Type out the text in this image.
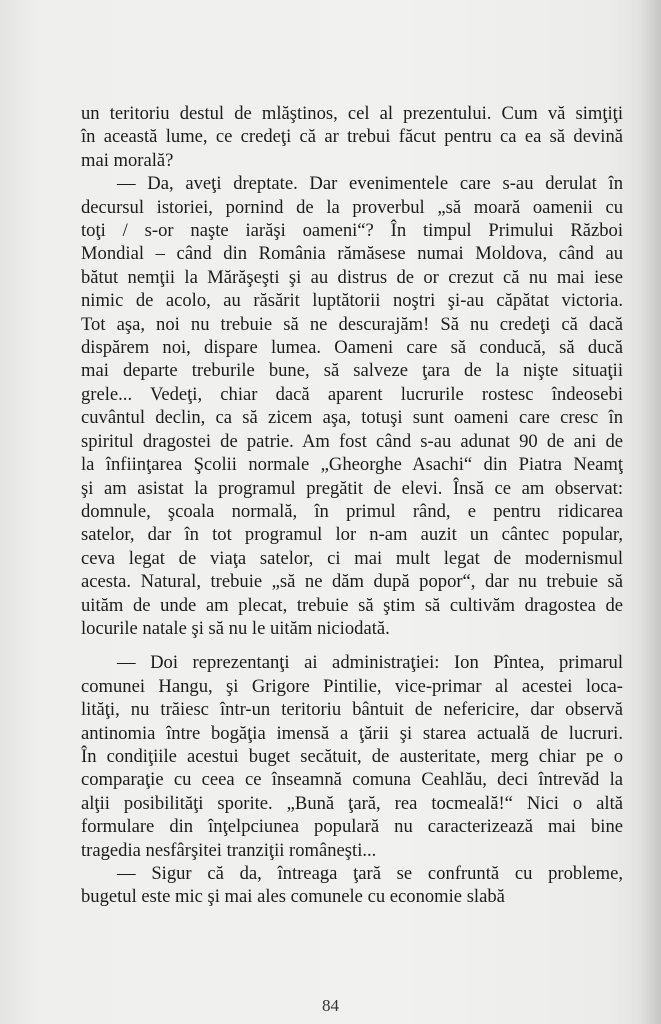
un teritoriu destul de mlăştinos, cel al prezentului. Cum vă simţiţi
în această lume, ce credeţi că ar trebui făcut pentru ca ea să devină
mai morală?

— Da, aveţi dreptate. Dar evenimentele care s-au derulat în
decursul istoriei, pornind de la proverbul „să moară oamenii cu
toţi / s-or naşte iarăşi oameni“? În timpul Primului Război
Mondial – când din România rămăsese numai Moldova, când au
bătut nemţii la Mărăşeşti şi au distrus de or crezut că nu mai iese
nimic de acolo, au răsărit luptătorii noştri şi-au căpătat victoria.
Tot aşa, noi nu trebuie să ne descurajăm! Să nu credeţi că dacă
dispărem noi, dispare lumea. Oameni care să conducă, să ducă
mai departe treburile bune, să salveze ţara de la nişte situaţii
grele... Vedeţi, chiar dacă aparent lucrurile rostesc îndeosebi
cuvântul declin, ca să zicem aşa, totuşi sunt oameni care cresc în
spiritul dragostei de patrie. Am fost când s-au adunat 90 de ani de
la înfiinţarea Şcolii normale „Gheorghe Asachi“ din Piatra Neamţ
şi am asistat la programul pregătit de elevi. Însă ce am observat:
domnule, şcoala normală, în primul rând, e pentru ridicarea
satelor, dar în tot programul lor n-am auzit un cântec popular,
ceva legat de viaţa satelor, ci mai mult legat de modernismul
acesta. Natural, trebuie „să ne dăm după popor“, dar nu trebuie să
uităm de unde am plecat, trebuie să ştim să cultivăm dragostea de
locurile natale şi să nu le uităm niciodată.

— Doi reprezentanţi ai administraţiei: Ion Pîntea, primarul
comunei Hangu, şi Grigore Pintilie, vice-primar al acestei loca-
lităţi, nu trăiesc într-un teritoriu bântuit de nefericire, dar observă
antinomia între bogăţia imensă a ţării şi starea actuală de lucruri.
În condiţiile acestui buget secătuit, de austeritate, merg chiar pe o
comparaţie cu ceea ce înseamnă comuna Ceahlău, deci întrevăd la
alţii posibilităţi sporite. „Bună ţară, rea tocmeală!“ Nici o altă
formulare din înţelpciunea populară nu caracterizează mai bine
tragedia nesfârşitei tranziţii româneşti...

— Sigur că da, întreaga ţară se confruntă cu probleme,
bugetul este mic şi mai ales comunele cu economie slabă

84
